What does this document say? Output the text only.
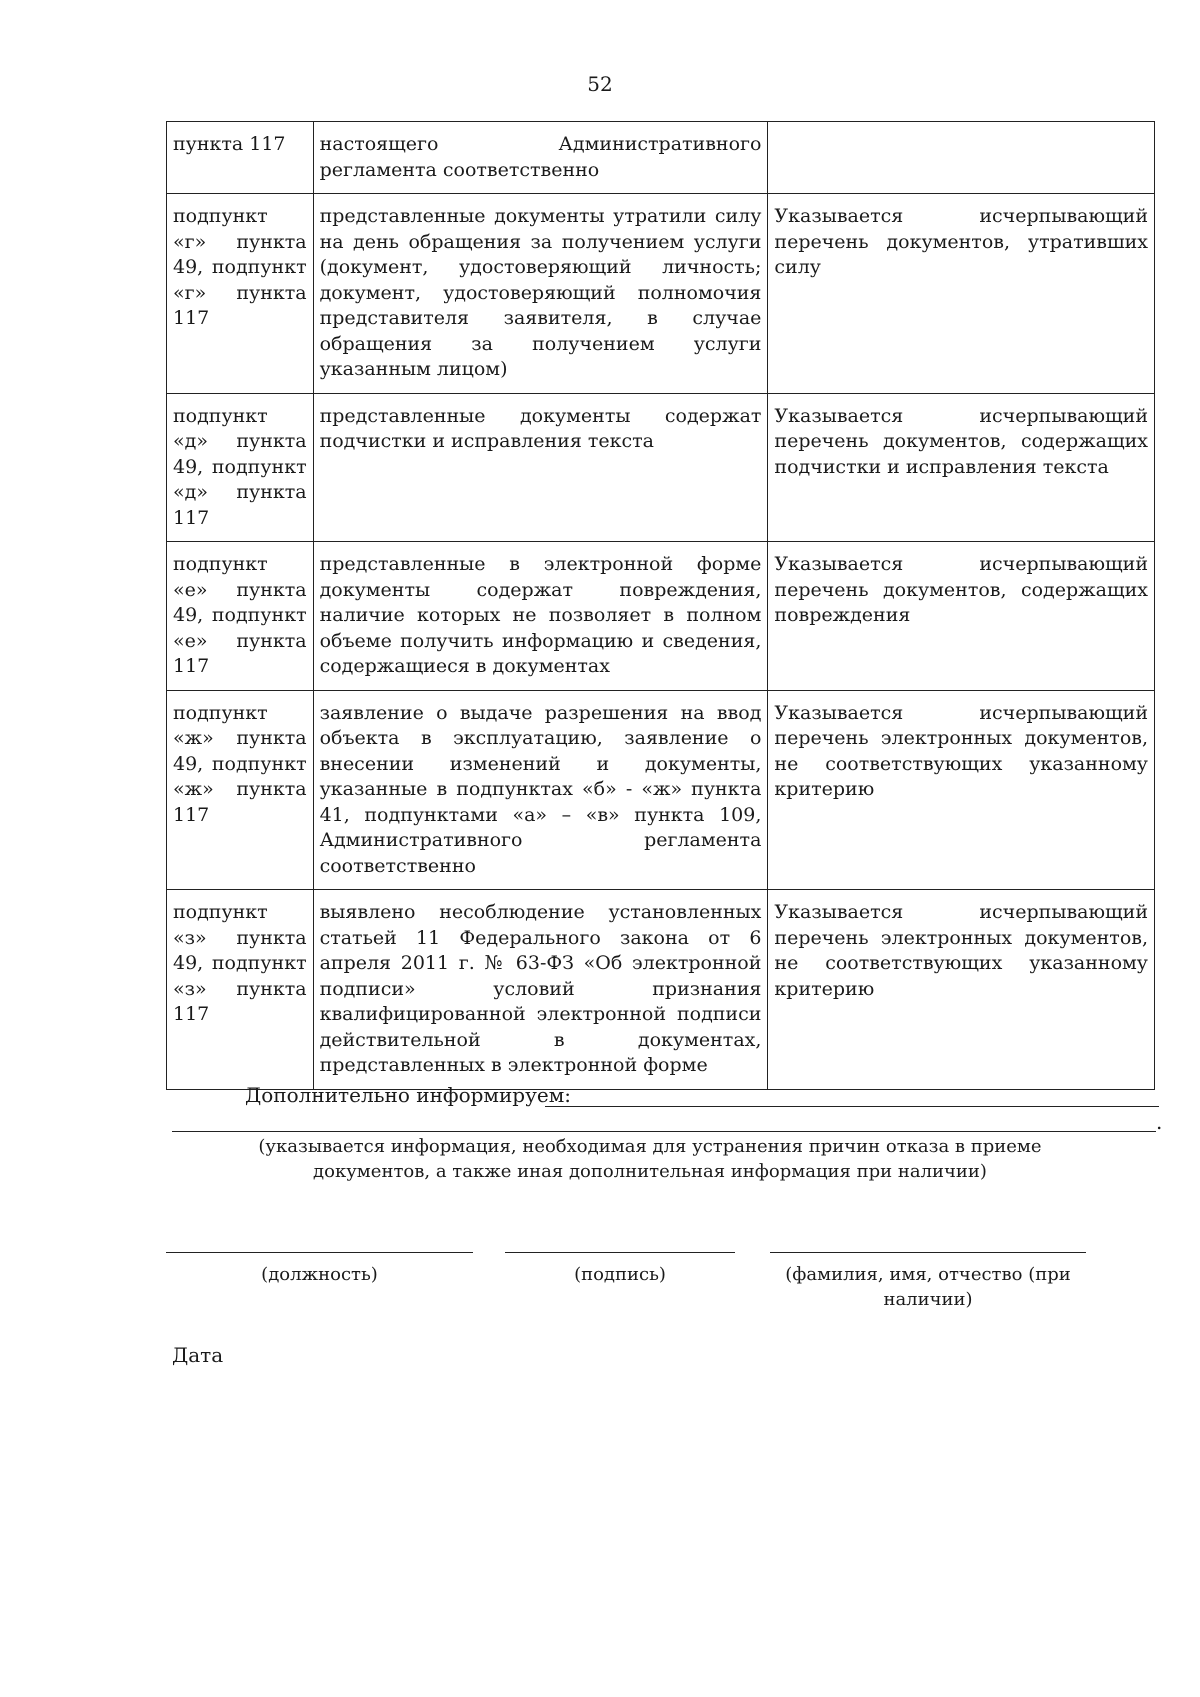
52
пункта 117	настоящего Административного регламента соответственно	
подпункт «г» пункта 49, подпункт «г» пункта 117	представленные документы утратили силу на день обращения за получением услуги (документ, удостоверяющий личность; документ, удостоверяющий полномочия представителя заявителя, в случае обращения за получением услуги указанным лицом)	Указывается исчерпывающий перечень документов, утративших силу
подпункт «д» пункта 49, подпункт «д» пункта 117	представленные документы содержат подчистки и исправления текста	Указывается исчерпывающий перечень документов, содержащих подчистки и исправления текста
подпункт «е» пункта 49, подпункт «е» пункта 117	представленные в электронной форме документы содержат повреждения, наличие которых не позволяет в полном объеме получить информацию и сведения, содержащиеся в документах	Указывается исчерпывающий перечень документов, содержащих повреждения
подпункт «ж» пункта 49, подпункт «ж» пункта 117	заявление о выдаче разрешения на ввод объекта в эксплуатацию, заявление о внесении изменений и документы, указанные в подпунктах «б» - «ж» пункта 41, подпунктами «а» – «в» пункта 109, Административного регламента соответственно	Указывается исчерпывающий перечень электронных документов, не соответствующих указанному критерию
подпункт «з» пункта 49, подпункт «з» пункта 117	выявлено несоблюдение установленных статьей 11 Федерального закона от 6 апреля 2011 г. № 63-ФЗ «Об электронной подписи» условий признания квалифицированной электронной подписи действительной в документах, представленных в электронной форме	Указывается исчерпывающий перечень электронных документов, не соответствующих указанному критерию
Дополнительно информируем:
.
(указывается информация, необходимая для устранения причин отказа в приеме документов, а также иная дополнительная информация при наличии)
(должность)	(подпись)	(фамилия, имя, отчество (при наличии)
Дата
